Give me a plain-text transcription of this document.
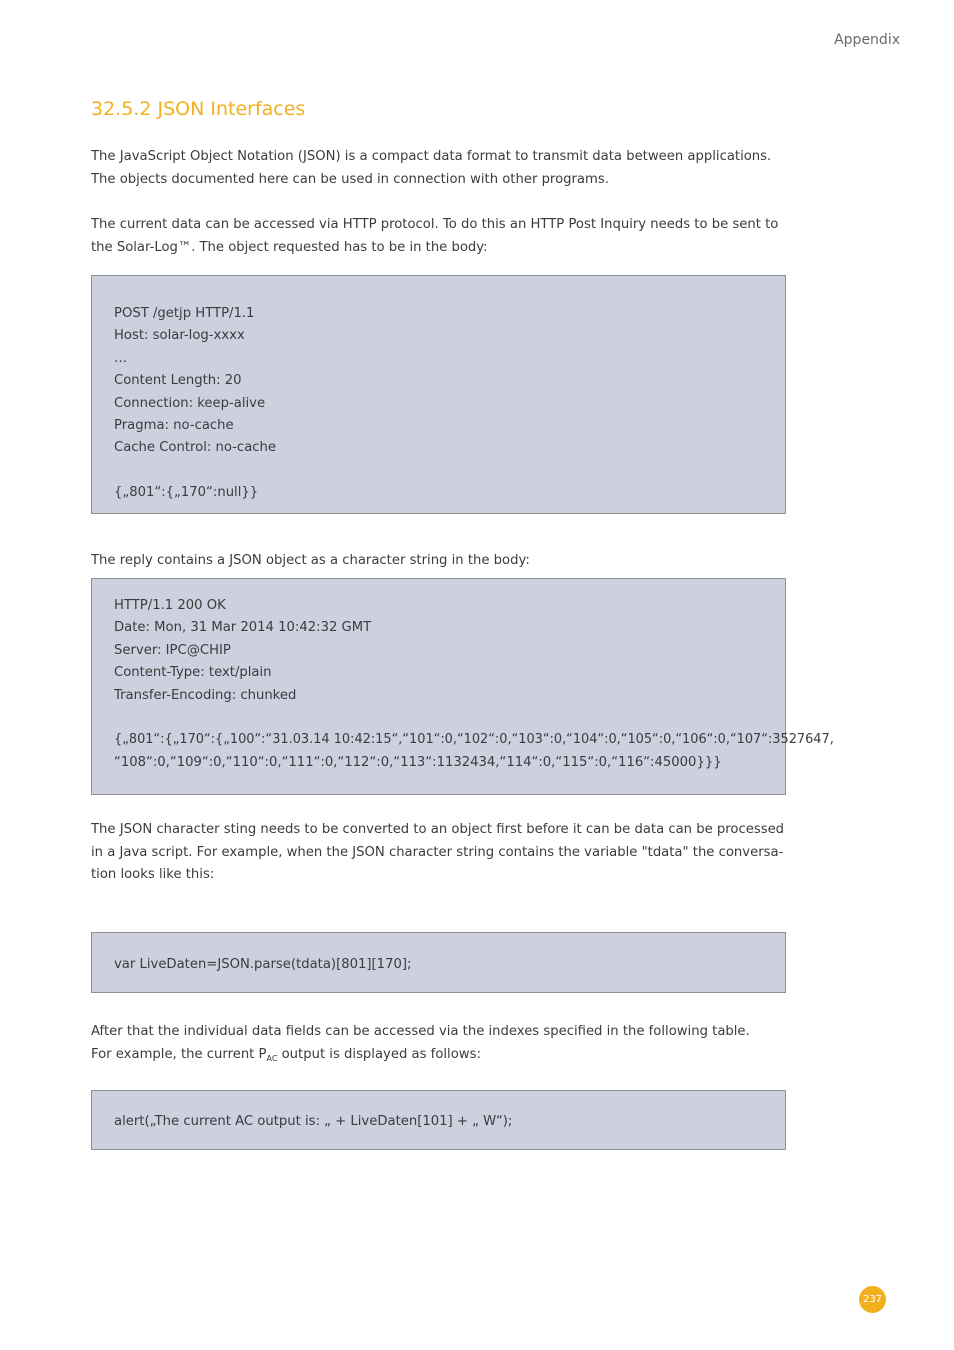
Appendix
32.5.2 JSON Interfaces
The JavaScript Object Notation (JSON) is a compact data format to transmit data between applications.
The objects documented here can be used in connection with other programs.
The current data can be accessed via HTTP protocol. To do this an HTTP Post Inquiry needs to be sent to
the Solar-Log™. The object requested has to be in the body:
POST /getjp HTTP/1.1
Host: solar-log-xxxx
…
Content Length: 20
Connection: keep-alive
Pragma: no-cache
Cache Control: no-cache
{„801“:{„170“:null}}
The reply contains a JSON object as a character string in the body:
HTTP/1.1 200 OK
Date: Mon, 31 Mar 2014 10:42:32 GMT
Server: IPC@CHIP
Content-Type: text/plain
Transfer-Encoding: chunked
{„801“:{„170“:{„100“:“31.03.14 10:42:15“,“101“:0,“102“:0,“103“:0,“104“:0,“105“:0,“106“:0,“107“:3527647,
“108“:0,“109“:0,“110“:0,“111“:0,“112“:0,“113“:1132434,“114“:0,“115“:0,“116“:45000}}}
The JSON character sting needs to be converted to an object first before it can be data can be processed
in a Java script. For example, when the JSON character string contains the variable "tdata" the conversa-
tion looks like this:
var LiveDaten=JSON.parse(tdata)[801][170];
After that the individual data fields can be accessed via the indexes specified in the following table.
For example, the current $P_{AC}$ output is displayed as follows:
alert(„The current AC output is: „ + LiveDaten[101] + „ W“);
237
